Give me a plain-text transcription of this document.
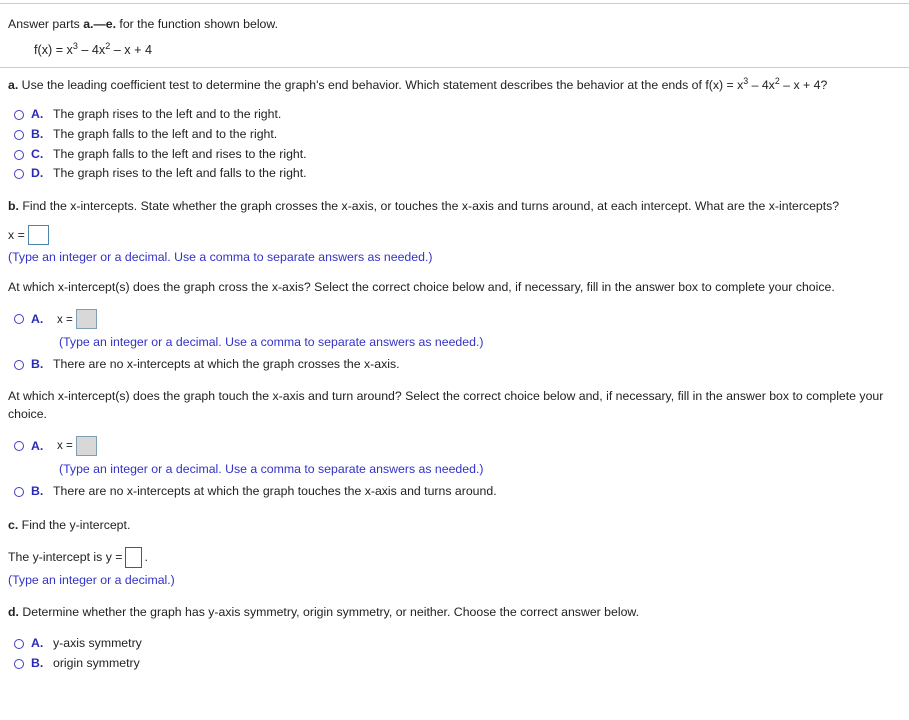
Answer parts a.—e. for the function shown below.
$f(x) = x^3 - 4x^2 - x + 4$
a. Use the leading coefficient test to determine the graph's end behavior. Which statement describes the behavior at the ends of $f(x) = x^3 - 4x^2 - x + 4$?
A. The graph rises to the left and to the right.
B. The graph falls to the left and to the right.
C. The graph falls to the left and rises to the right.
D. The graph rises to the left and falls to the right.
b. Find the x-intercepts. State whether the graph crosses the x-axis, or touches the x-axis and turns around, at each intercept. What are the x-intercepts?
x =
(Type an integer or a decimal. Use a comma to separate answers as needed.)
At which x-intercept(s) does the graph cross the x-axis? Select the correct choice below and, if necessary, fill in the answer box to complete your choice.
A. x =
(Type an integer or a decimal. Use a comma to separate answers as needed.)
B. There are no x-intercepts at which the graph crosses the x-axis.
At which x-intercept(s) does the graph touch the x-axis and turn around? Select the correct choice below and, if necessary, fill in the answer box to complete your choice.
A. x =
(Type an integer or a decimal. Use a comma to separate answers as needed.)
B. There are no x-intercepts at which the graph touches the x-axis and turns around.
c. Find the y-intercept.
The y-intercept is y = .
(Type an integer or a decimal.)
d. Determine whether the graph has y-axis symmetry, origin symmetry, or neither. Choose the correct answer below.
A. y-axis symmetry
B. origin symmetry
